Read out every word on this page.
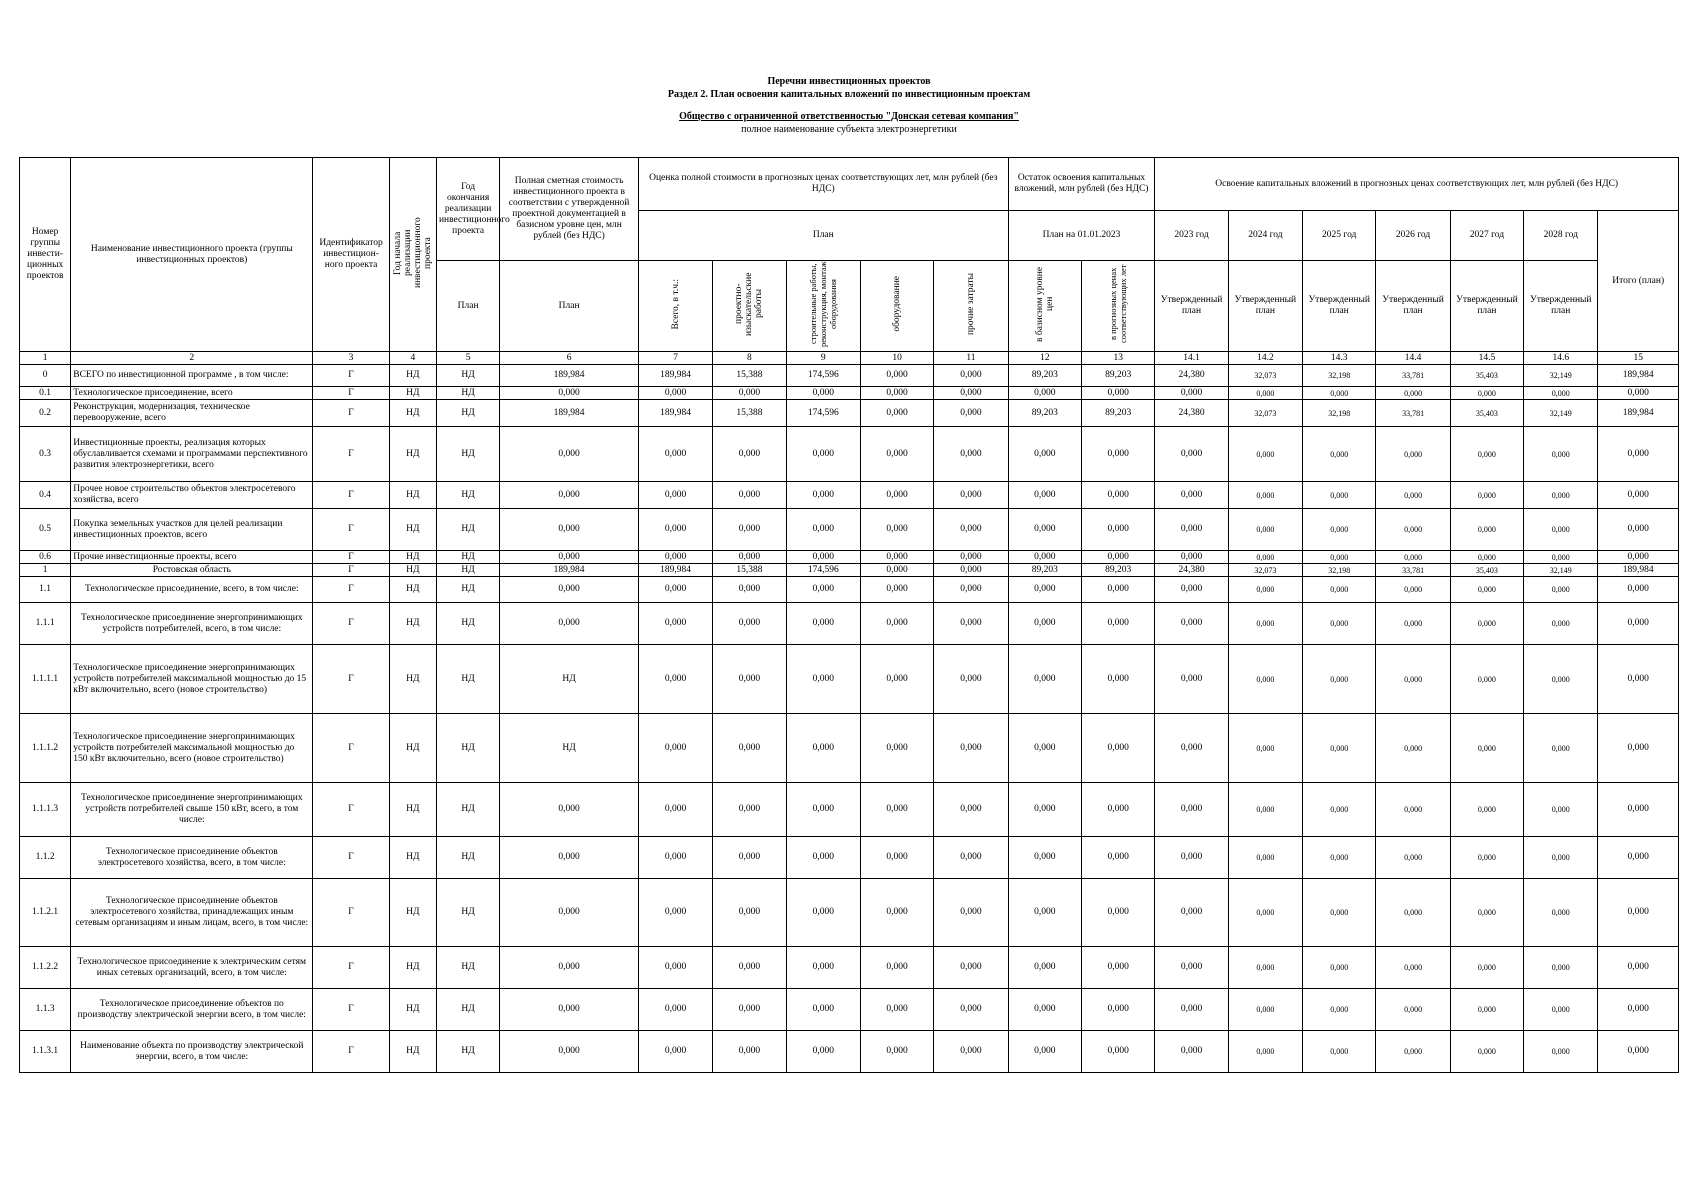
Перечни инвестиционных проектов
Раздел 2. План освоения капитальных вложений по инвестиционным проектам
Общество с ограниченной ответственностью "Донская сетевая компания"
полное наименование субъекта электроэнергетики
Номер группы инвести-ционных проектов	Наименование инвестиционного проекта (группы инвестиционных проектов)	Идентификатор инвестицион-ного проекта	Год начала реализации инвестиционного проекта	Год окончания реализации инвестиционного проекта	Полная сметная стоимость инвестиционного проекта в соответствии с утвержденной проектной документацией в базисном уровне цен, млн рублей (без НДС)	Оценка полной стоимости в прогнозных ценах соответствующих лет, млн рублей (без НДС)					Остаток освоения капитальных вложений, млн рублей (без НДС)		Освоение капитальных вложений в прогнозных ценах соответствующих лет, млн рублей (без НДС)						
						План					План на 01.01.2023		2023 год	2024 год	2025 год	2026 год	2027 год	2028 год	Итого (план)
				План	План	Всего, в т.ч.:	проектно-изыскательские работы	строительные работы, реконструкция, монтаж оборудования	оборудование	прочие затраты	в базисном уровне цен	в прогнозных ценах соответствующих лет	Утвержденный план	Утвержденный план	Утвержденный план	Утвержденный план	Утвержденный план	Утвержденный план	
1	2	3	4	5	6	7	8	9	10	11	12	13	14.1	14.2	14.3	14.4	14.5	14.6	15
0	ВСЕГО по инвестиционной программе , в том числе:	Г	НД	НД	189,984	189,984	15,388	174,596	0,000	0,000	89,203	89,203	24,380	32,073	32,198	33,781	35,403	32,149	189,984
0.1	Технологическое присоединение, всего	Г	НД	НД	0,000	0,000	0,000	0,000	0,000	0,000	0,000	0,000	0,000	0,000	0,000	0,000	0,000	0,000	0,000
0.2	Реконструкция, модернизация, техническое перевооружение, всего	Г	НД	НД	189,984	189,984	15,388	174,596	0,000	0,000	89,203	89,203	24,380	32,073	32,198	33,781	35,403	32,149	189,984
0.3	Инвестиционные проекты, реализация которых обуславливается схемами и программами перспективного развития электроэнергетики, всего	Г	НД	НД	0,000	0,000	0,000	0,000	0,000	0,000	0,000	0,000	0,000	0,000	0,000	0,000	0,000	0,000	0,000
0.4	Прочее новое строительство объектов электросетевого хозяйства, всего	Г	НД	НД	0,000	0,000	0,000	0,000	0,000	0,000	0,000	0,000	0,000	0,000	0,000	0,000	0,000	0,000	0,000
0.5	Покупка земельных участков для целей реализации инвестиционных проектов, всего	Г	НД	НД	0,000	0,000	0,000	0,000	0,000	0,000	0,000	0,000	0,000	0,000	0,000	0,000	0,000	0,000	0,000
0.6	Прочие инвестиционные проекты, всего	Г	НД	НД	0,000	0,000	0,000	0,000	0,000	0,000	0,000	0,000	0,000	0,000	0,000	0,000	0,000	0,000	0,000
1	Ростовская область	Г	НД	НД	189,984	189,984	15,388	174,596	0,000	0,000	89,203	89,203	24,380	32,073	32,198	33,781	35,403	32,149	189,984
1.1	Технологическое присоединение, всего, в том числе:	Г	НД	НД	0,000	0,000	0,000	0,000	0,000	0,000	0,000	0,000	0,000	0,000	0,000	0,000	0,000	0,000	0,000
1.1.1	Технологическое присоединение энергопринимающих устройств потребителей, всего, в том числе:	Г	НД	НД	0,000	0,000	0,000	0,000	0,000	0,000	0,000	0,000	0,000	0,000	0,000	0,000	0,000	0,000	0,000
1.1.1.1	Технологическое присоединение энергопринимающих устройств потребителей максимальной мощностью до 15 кВт включительно, всего (новое строительство)	Г	НД	НД	НД	0,000	0,000	0,000	0,000	0,000	0,000	0,000	0,000	0,000	0,000	0,000	0,000	0,000	0,000
1.1.1.2	Технологическое присоединение энергопринимающих устройств потребителей максимальной мощностью до 150 кВт включительно, всего (новое строительство)	Г	НД	НД	НД	0,000	0,000	0,000	0,000	0,000	0,000	0,000	0,000	0,000	0,000	0,000	0,000	0,000	0,000
1.1.1.3	Технологическое присоединение энергопринимающих устройств потребителей свыше 150 кВт, всего, в том числе:	Г	НД	НД	0,000	0,000	0,000	0,000	0,000	0,000	0,000	0,000	0,000	0,000	0,000	0,000	0,000	0,000	0,000
1.1.2	Технологическое присоединение объектов электросетевого хозяйства, всего, в том числе:	Г	НД	НД	0,000	0,000	0,000	0,000	0,000	0,000	0,000	0,000	0,000	0,000	0,000	0,000	0,000	0,000	0,000
1.1.2.1	Технологическое присоединение объектов электросетевого хозяйства, принадлежащих иным сетевым организациям и иным лицам, всего, в том числе:	Г	НД	НД	0,000	0,000	0,000	0,000	0,000	0,000	0,000	0,000	0,000	0,000	0,000	0,000	0,000	0,000	0,000
1.1.2.2	Технологическое присоединение к электрическим сетям иных сетевых организаций, всего, в том числе:	Г	НД	НД	0,000	0,000	0,000	0,000	0,000	0,000	0,000	0,000	0,000	0,000	0,000	0,000	0,000	0,000	0,000
1.1.3	Технологическое присоединение объектов по производству электрической энергии всего, в том числе:	Г	НД	НД	0,000	0,000	0,000	0,000	0,000	0,000	0,000	0,000	0,000	0,000	0,000	0,000	0,000	0,000	0,000
1.1.3.1	Наименование объекта по производству электрической энергии, всего, в том числе:	Г	НД	НД	0,000	0,000	0,000	0,000	0,000	0,000	0,000	0,000	0,000	0,000	0,000	0,000	0,000	0,000	0,000
